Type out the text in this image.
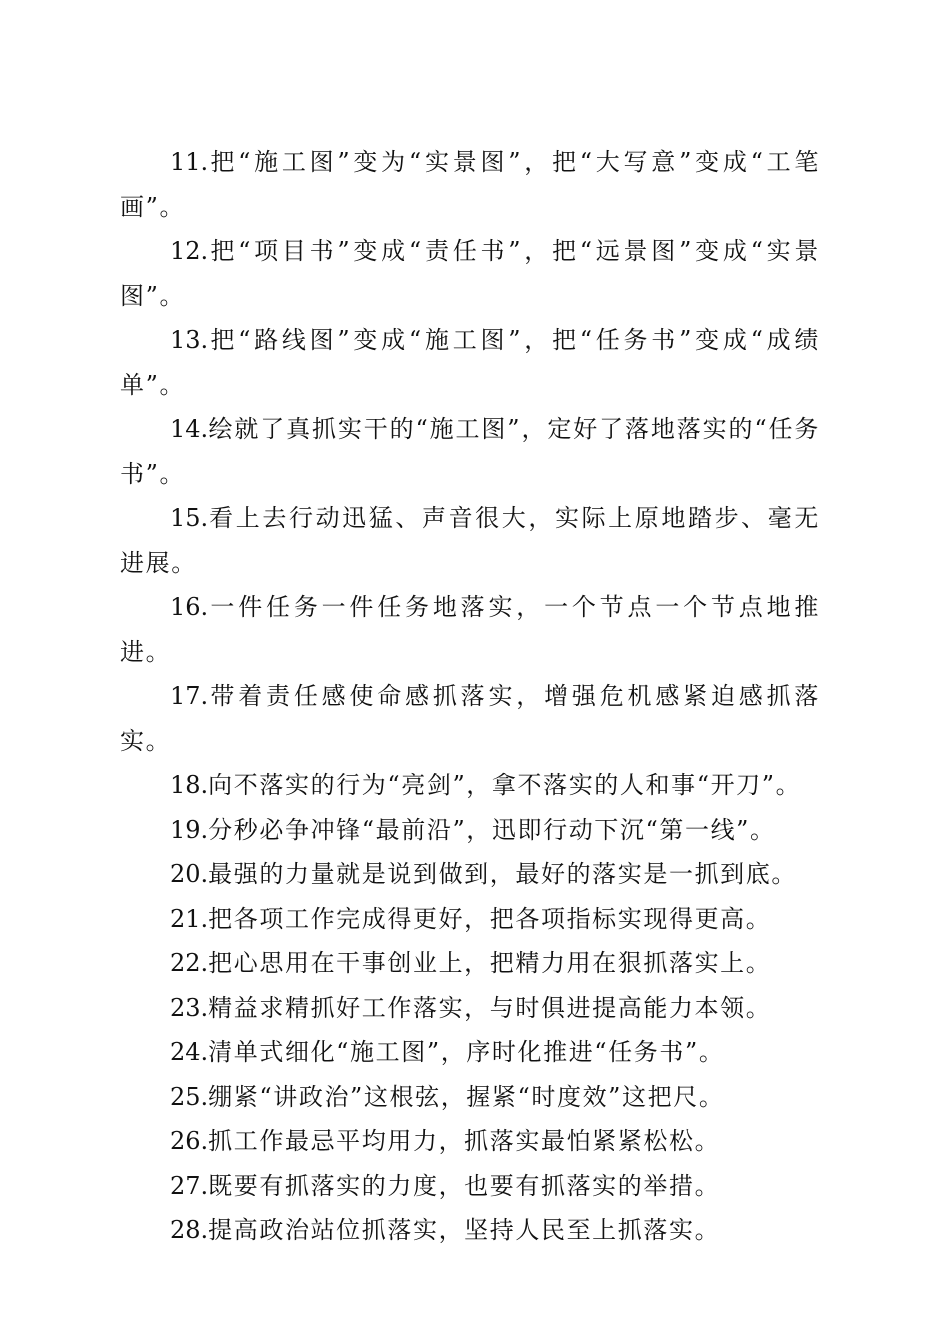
11.把“施工图”变为“实景图”，把“大写意”变成“工笔画”。

12.把“项目书”变成“责任书”，把“远景图”变成“实景图”。

13.把“路线图”变成“施工图”，把“任务书”变成“成绩单”。

14.绘就了真抓实干的“施工图”，定好了落地落实的“任务书”。

15.看上去行动迅猛、声音很大，实际上原地踏步、毫无进展。

16.一件任务一件任务地落实，一个节点一个节点地推进。

17.带着责任感使命感抓落实，增强危机感紧迫感抓落实。

18.向不落实的行为“亮剑”，拿不落实的人和事“开刀”。

19.分秒必争冲锋“最前沿”，迅即行动下沉“第一线”。

20.最强的力量就是说到做到，最好的落实是一抓到底。

21.把各项工作完成得更好，把各项指标实现得更高。

22.把心思用在干事创业上，把精力用在狠抓落实上。

23.精益求精抓好工作落实，与时俱进提高能力本领。

24.清单式细化“施工图”，序时化推进“任务书”。

25.绷紧“讲政治”这根弦，握紧“时度效”这把尺。

26.抓工作最忌平均用力，抓落实最怕紧紧松松。

27.既要有抓落实的力度，也要有抓落实的举措。

28.提高政治站位抓落实，坚持人民至上抓落实。
